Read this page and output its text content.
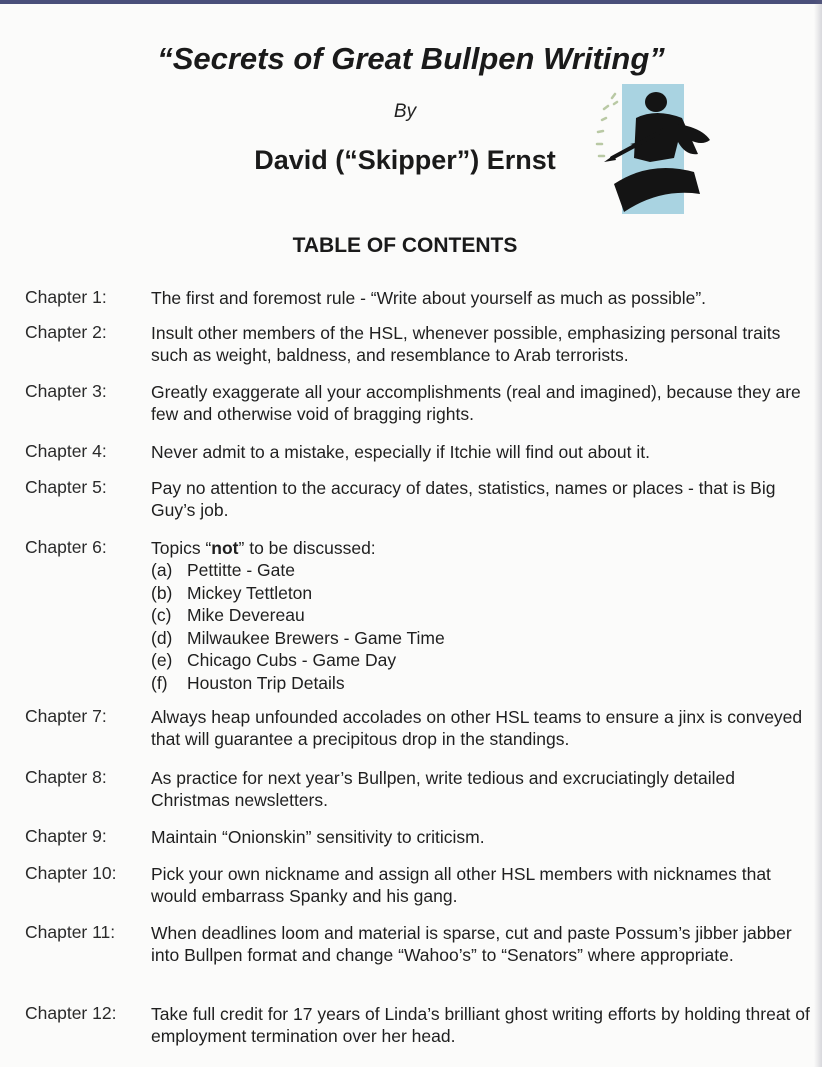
“Secrets of Great Bullpen Writing”

By

David (“Skipper”) Ernst

TABLE OF CONTENTS
Chapter 1:	The first and foremost rule - “Write about yourself as much as possible”.
Chapter 2:	Insult other members of the HSL, whenever possible, emphasizing personal traits such as weight, baldness, and resemblance to Arab terrorists.
Chapter 3:	Greatly exaggerate all your accomplishments (real and imagined), because they are few and otherwise void of bragging rights.
Chapter 4:	Never admit to a mistake, especially if Itchie will find out about it.
Chapter 5:	Pay no attention to the accuracy of dates, statistics, names or places - that is Big Guy’s job.
Chapter 6:	Topics “not” to be discussed:

(a) Pettitte - Gate
(b) Mickey Tettleton
(c) Mike Devereau
(d) Milwaukee Brewers - Game Time
(e) Chicago Cubs - Game Day
(f) Houston Trip Details
Chapter 7:	Always heap unfounded accolades on other HSL teams to ensure a jinx is conveyed that will guarantee a precipitous drop in the standings.
Chapter 8:	As practice for next year’s Bullpen, write tedious and excruciatingly detailed Christmas newsletters.
Chapter 9:	Maintain “Onionskin” sensitivity to criticism.
Chapter 10: Pick your own nickname and assign all other HSL members with nicknames that would embarrass Spanky and his gang.
Chapter 11: When deadlines loom and material is sparse, cut and paste Possum’s jibber jabber into Bullpen format and change “Wahoo’s” to “Senators” where appropriate.
Chapter 12: Take full credit for 17 years of Linda’s brilliant ghost writing efforts by holding threat of employment termination over her head.
